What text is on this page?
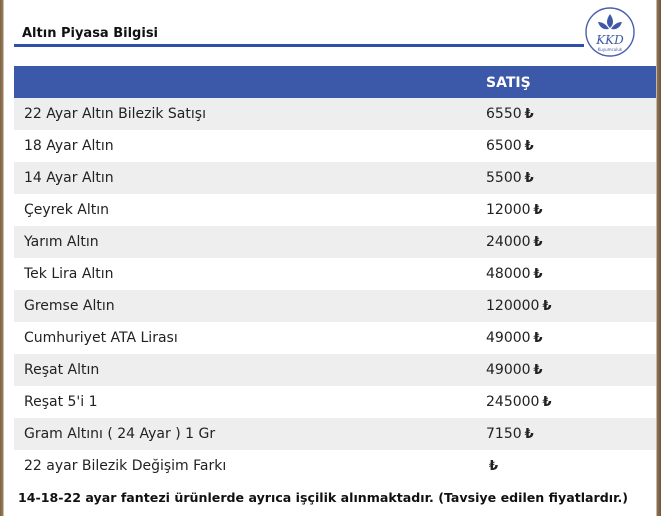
Altın Piyasa Bilgisi	KKD
Kuyumculuk
SATIŞ
22 Ayar Altın Bilezik Satışı	6550 ₺
18 Ayar Altın	6500 ₺
14 Ayar Altın	5500 ₺
Çeyrek Altın	12000 ₺
Yarım Altın	24000 ₺
Tek Lira Altın	48000 ₺
Gremse Altın	120000 ₺
Cumhuriyet ATA Lirası	49000 ₺
Reşat Altın	49000 ₺
Reşat 5'i 1	245000 ₺
Gram Altını ( 24 Ayar ) 1 Gr	7150 ₺
22 ayar Bilezik Değişim Farkı	₺
14-18-22 ayar fantezi ürünlerde ayrıca işçilik alınmaktadır. (Tavsiye edilen fiyatlardır.)
